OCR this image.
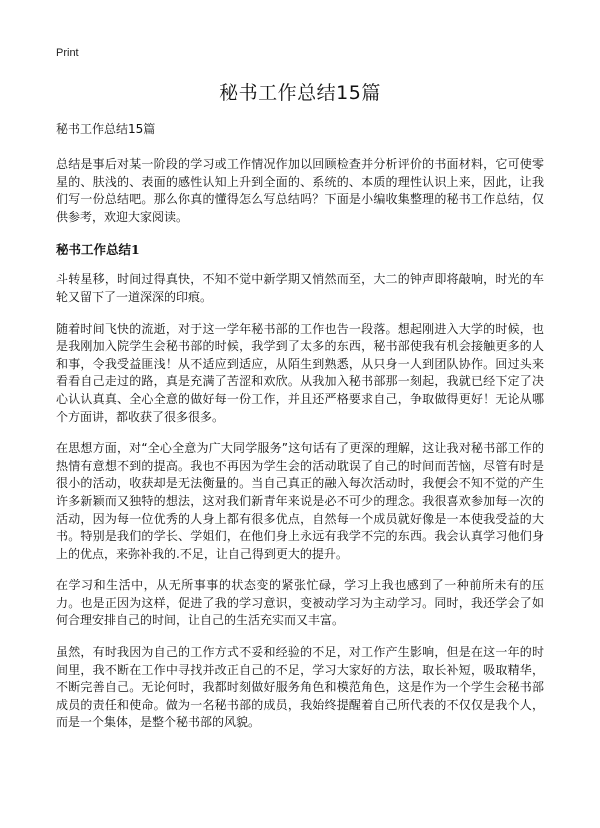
Print
秘书工作总结15篇
秘书工作总结15篇

总结是事后对某一阶段的学习或工作情况作加以回顾检查并分析评价的书面材料，它可使零星的、肤浅的、表面的感性认知上升到全面的、系统的、本质的理性认识上来，因此，让我们写一份总结吧。那么你真的懂得怎么写总结吗？下面是小编收集整理的秘书工作总结，仅供参考，欢迎大家阅读。

秘书工作总结1

斗转星移，时间过得真快，不知不觉中新学期又悄然而至，大二的钟声即将敲响，时光的车轮又留下了一道深深的印痕。

随着时间飞快的流逝，对于这一学年秘书部的工作也告一段落。想起刚进入大学的时候，也是我刚加入院学生会秘书部的时候，我学到了太多的东西，秘书部使我有机会接触更多的人和事，令我受益匪浅！从不适应到适应，从陌生到熟悉，从只身一人到团队协作。回过头来看看自己走过的路，真是充满了苦涩和欢欣。从我加入秘书部那一刻起，我就已经下定了决心认认真真、全心全意的做好每一份工作，并且还严格要求自己，争取做得更好！无论从哪个方面讲，都收获了很多很多。

在思想方面，对“全心全意为广大同学服务”这句话有了更深的理解，这让我对秘书部工作的热情有意想不到的提高。我也不再因为学生会的活动耽误了自己的时间而苦恼，尽管有时是很小的活动，收获却是无法衡量的。当自己真正的融入每次活动时，我便会不知不觉的产生许多新颖而又独特的想法，这对我们新青年来说是必不可少的理念。我很喜欢参加每一次的活动，因为每一位优秀的人身上都有很多优点，自然每一个成员就好像是一本使我受益的大书。特别是我们的学长、学姐们，在他们身上永远有我学不完的东西。我会认真学习他们身上的优点，来弥补我的.不足，让自己得到更大的提升。

在学习和生活中，从无所事事的状态变的紧张忙碌，学习上我也感到了一种前所未有的压力。也是正因为这样，促进了我的学习意识，变被动学习为主动学习。同时，我还学会了如何合理安排自己的时间，让自己的生活充实而又丰富。

虽然，有时我因为自己的工作方式不妥和经验的不足，对工作产生影响，但是在这一年的时间里，我不断在工作中寻找并改正自己的不足，学习大家好的方法，取长补短，吸取精华，不断完善自己。无论何时，我都时刻做好服务角色和模范角色，这是作为一个学生会秘书部成员的责任和使命。做为一名秘书部的成员，我始终提醒着自己所代表的不仅仅是我个人，而是一个集体，是整个秘书部的风貌。
